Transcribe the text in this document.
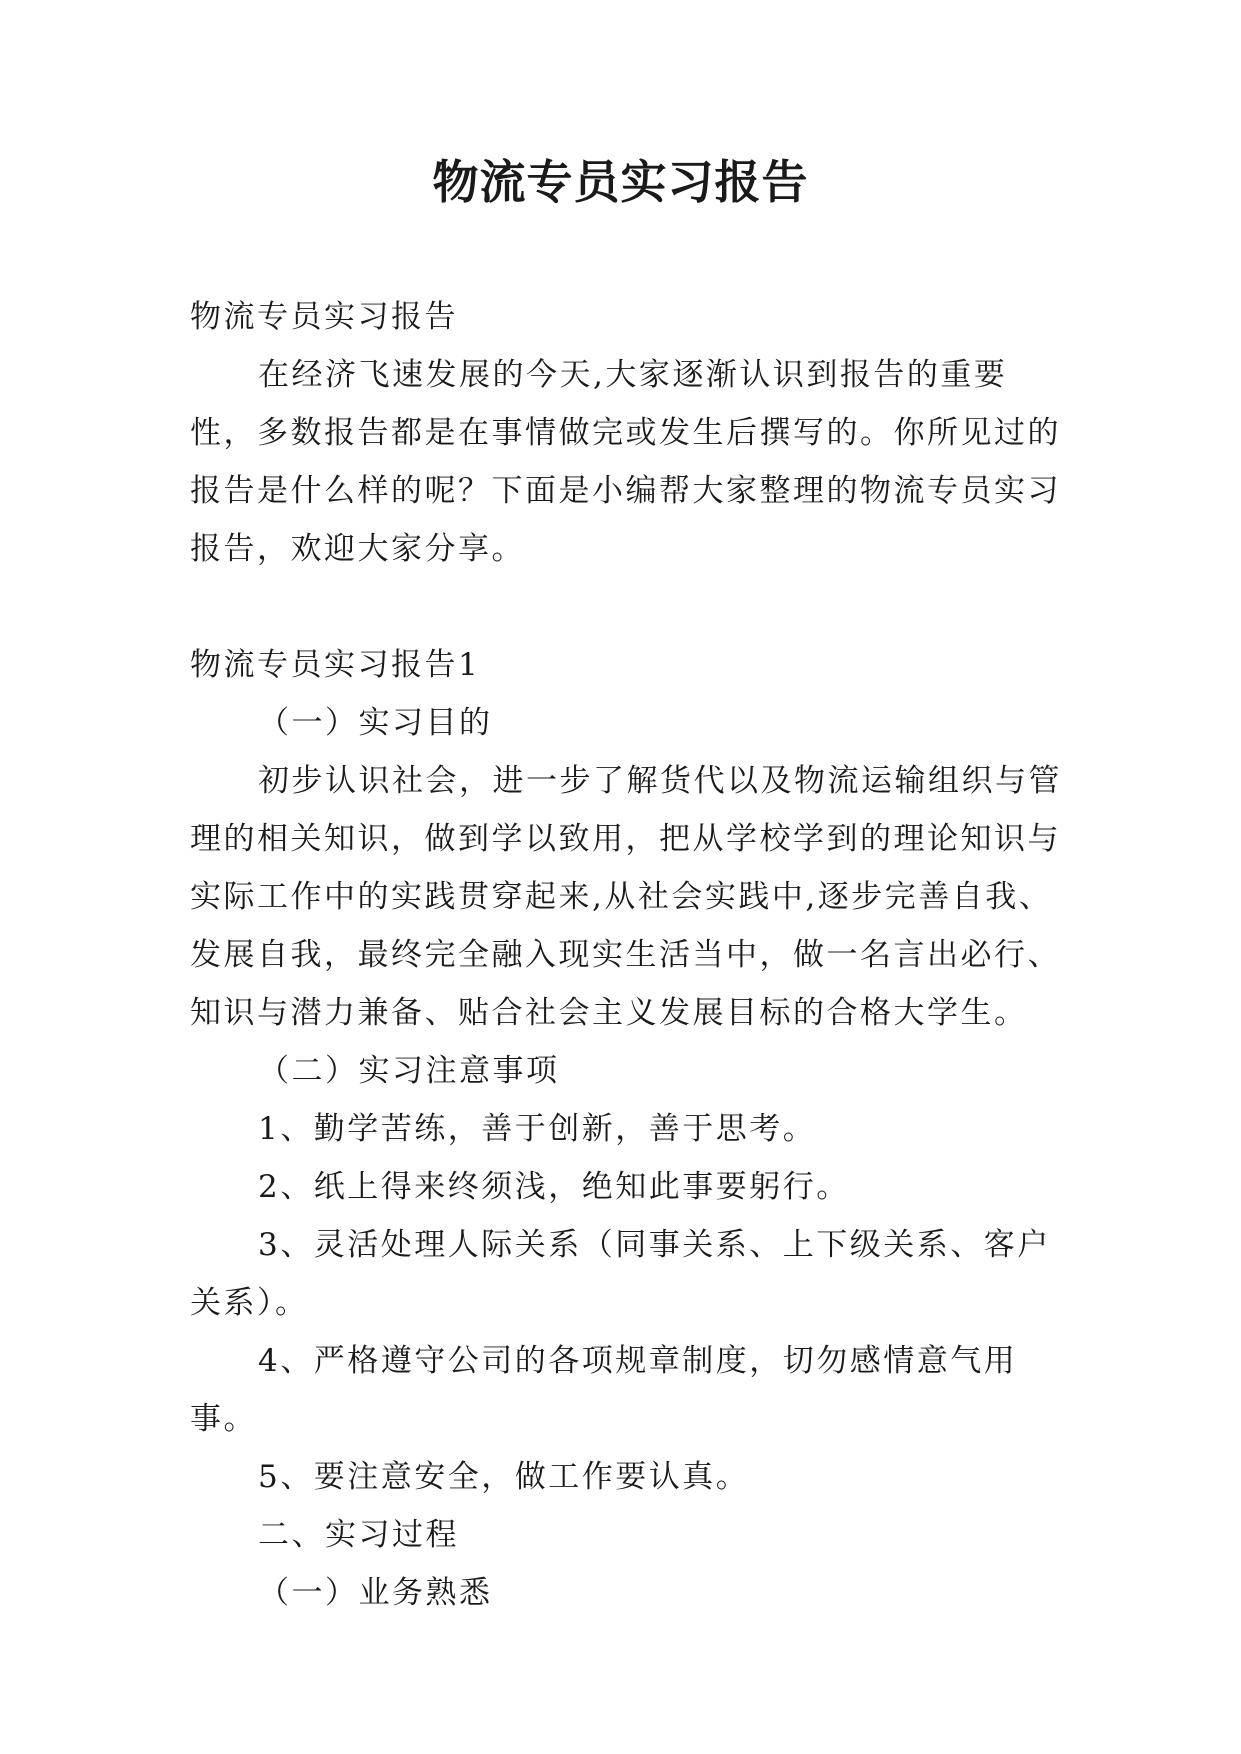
物流专员实习报告

物流专员实习报告

在经济飞速发展的今天,大家逐渐认识到报告的重要性，多数报告都是在事情做完或发生后撰写的。你所见过的报告是什么样的呢？下面是小编帮大家整理的物流专员实习报告，欢迎大家分享。

物流专员实习报告1

（一）实习目的

初步认识社会，进一步了解货代以及物流运输组织与管理的相关知识，做到学以致用，把从学校学到的理论知识与实际工作中的实践贯穿起来,从社会实践中,逐步完善自我、发展自我，最终完全融入现实生活当中，做一名言出必行、知识与潜力兼备、贴合社会主义发展目标的合格大学生。

（二）实习注意事项

1、勤学苦练，善于创新，善于思考。

2、纸上得来终须浅，绝知此事要躬行。

3、灵活处理人际关系（同事关系、上下级关系、客户关系）。

4、严格遵守公司的各项规章制度，切勿感情意气用事。

5、要注意安全，做工作要认真。

二、实习过程

（一）业务熟悉
